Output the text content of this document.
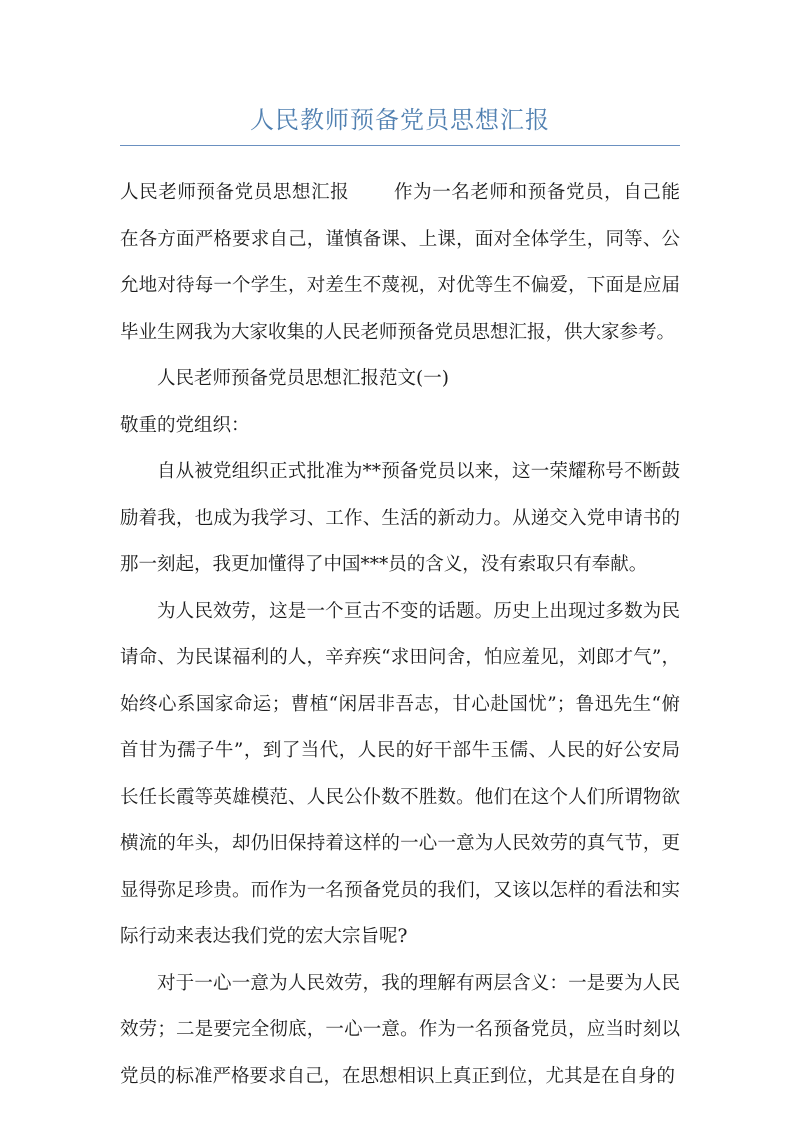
人民教师预备党员思想汇报

人民老师预备党员思想汇报　　 作为一名老师和预备党员，自己能在各方面严格要求自己，谨慎备课、上课，面对全体学生，同等、公允地对待每一个学生，对差生不蔑视，对优等生不偏爱，下面是应届毕业生网我为大家收集的人民老师预备党员思想汇报，供大家参考。

人民老师预备党员思想汇报范文(一)

敬重的党组织：

自从被党组织正式批准为**预备党员以来，这一荣耀称号不断鼓励着我，也成为我学习、工作、生活的新动力。从递交入党申请书的那一刻起，我更加懂得了中国***员的含义，没有索取只有奉献。

为人民效劳，这是一个亘古不变的话题。历史上出现过多数为民请命、为民谋福利的人，辛弃疾“求田问舍，怕应羞见，刘郎才气”，始终心系国家命运；曹植“闲居非吾志，甘心赴国忧”；鲁迅先生“俯首甘为孺子牛”，到了当代，人民的好干部牛玉儒、人民的好公安局长任长霞等英雄模范、人民公仆数不胜数。他们在这个人们所谓物欲横流的年头，却仍旧保持着这样的一心一意为人民效劳的真气节，更显得弥足珍贵。而作为一名预备党员的我们，又该以怎样的看法和实际行动来表达我们党的宏大宗旨呢?

对于一心一意为人民效劳，我的理解有两层含义：一是要为人民效劳；二是要完全彻底，一心一意。作为一名预备党员，应当时刻以党员的标准严格要求自己，在思想相识上真正到位，尤其是在自身的
